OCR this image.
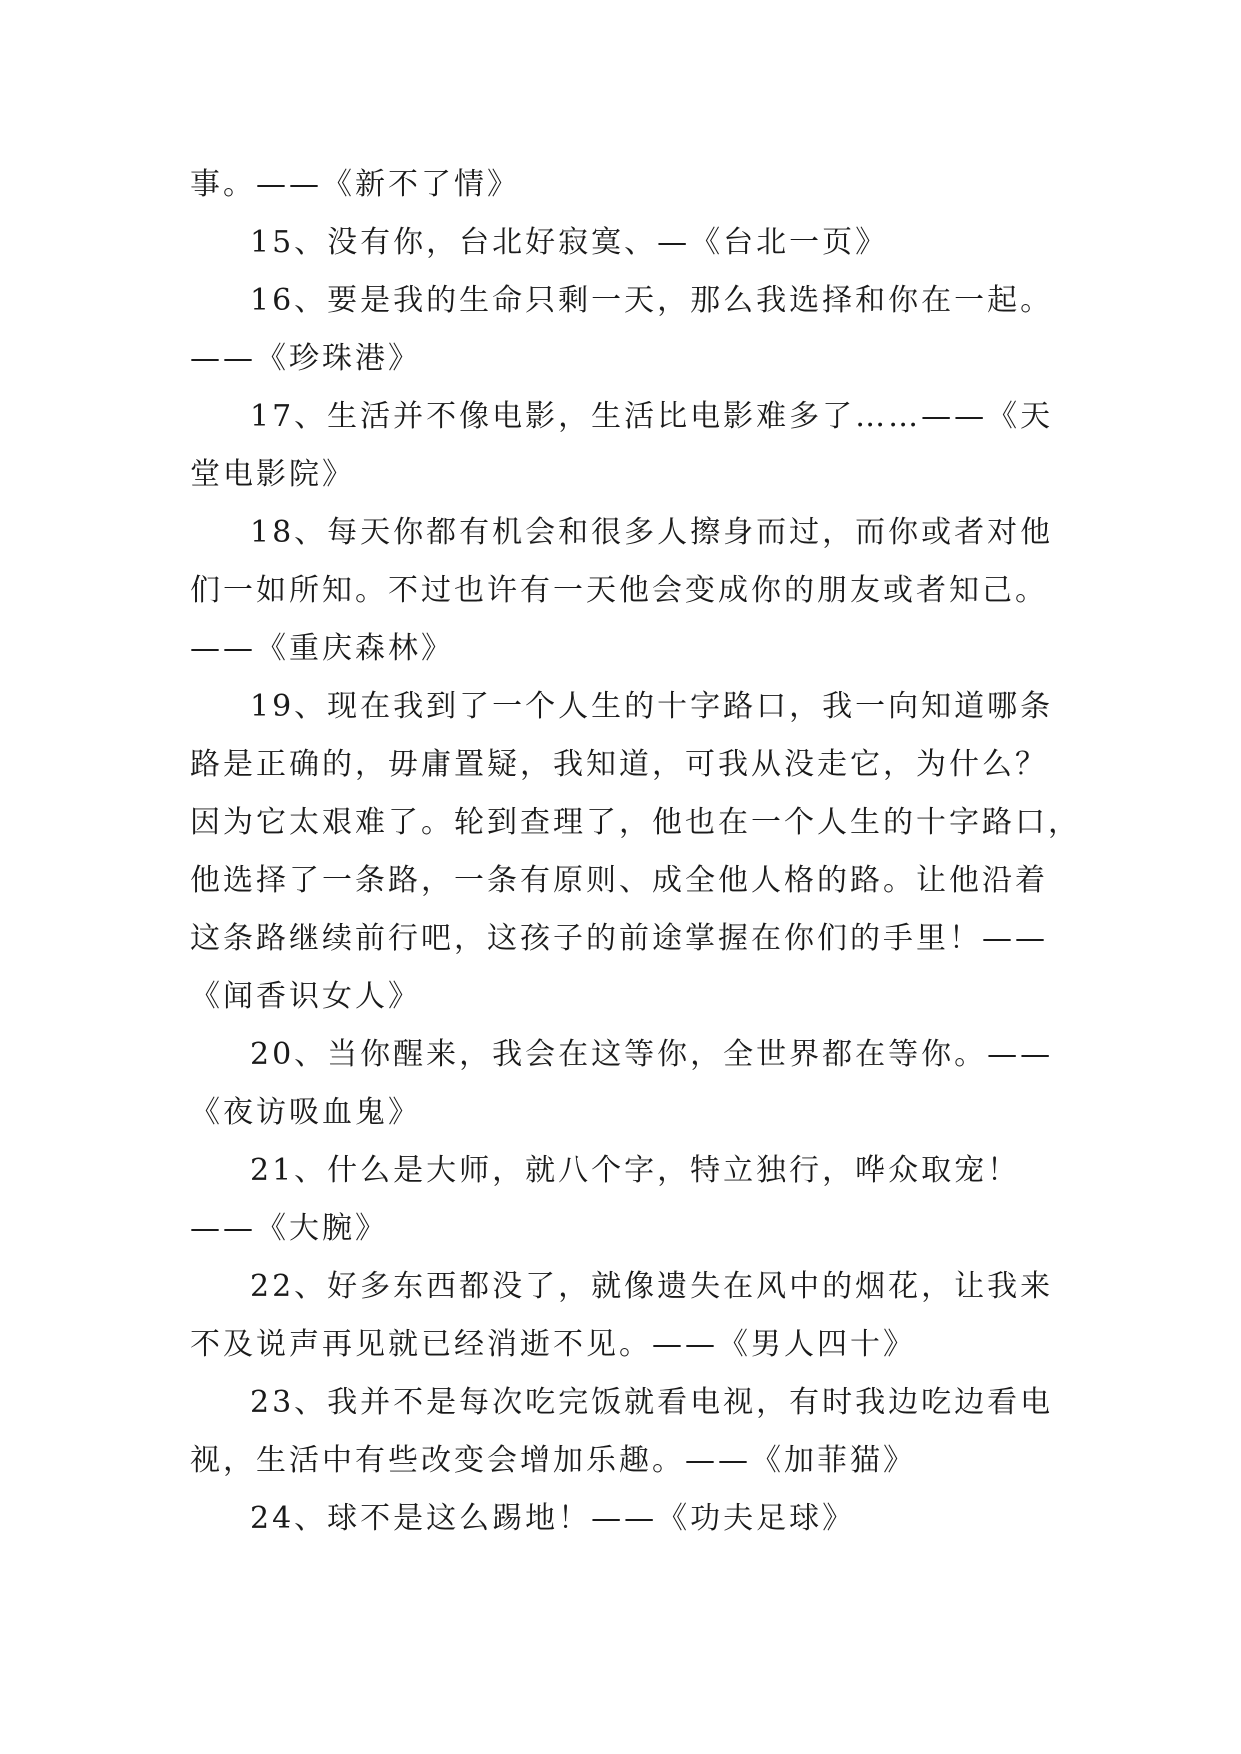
事。——《新不了情》
15、没有你，台北好寂寞、—《台北一页》
16、要是我的生命只剩一天，那么我选择和你在一起。
——《珍珠港》
17、生活并不像电影，生活比电影难多了……——《天
堂电影院》
18、每天你都有机会和很多人擦身而过，而你或者对他
们一如所知。不过也许有一天他会变成你的朋友或者知己。
——《重庆森林》
19、现在我到了一个人生的十字路口，我一向知道哪条
路是正确的，毋庸置疑，我知道，可我从没走它，为什么？
因为它太艰难了。轮到查理了，他也在一个人生的十字路口，
他选择了一条路，一条有原则、成全他人格的路。让他沿着
这条路继续前行吧，这孩子的前途掌握在你们的手里！——
《闻香识女人》
20、当你醒来，我会在这等你，全世界都在等你。——
《夜访吸血鬼》
21、什么是大师，就八个字，特立独行，哗众取宠！
——《大腕》
22、好多东西都没了，就像遗失在风中的烟花，让我来
不及说声再见就已经消逝不见。——《男人四十》
23、我并不是每次吃完饭就看电视，有时我边吃边看电
视，生活中有些改变会增加乐趣。——《加菲猫》
24、球不是这么踢地！——《功夫足球》
